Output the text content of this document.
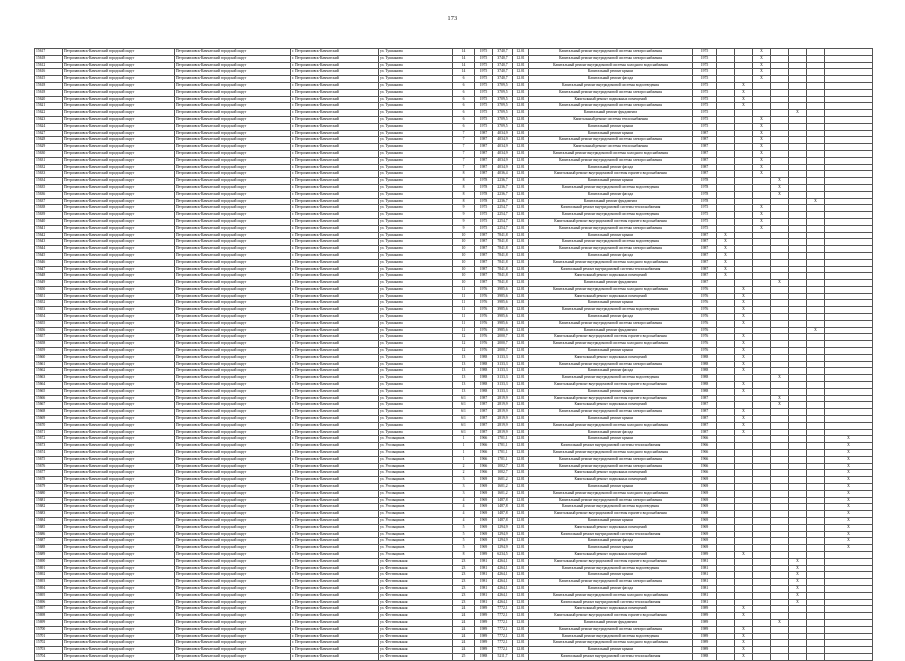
173
15617	Петропавловск-Камчатский городской округ	Петропавловск-Камчатский городской округ	г. Петропавловск-Камчатский	ул. Тушканова	14	1975	3740,7	12.01	Капитальный ремонт внутридомовой системы электроснабжения	1975			X					
15618	Петропавловск-Камчатский городской округ	Петропавловск-Камчатский городской округ	г. Петропавловск-Камчатский	ул. Тушканова	14	1975	3740,7	12.01	Капитальный ремонт внутридомовой системы электроснабжения	1975			X					
15612	Петропавловск-Камчатский городской округ	Петропавловск-Камчатский городской округ	г. Петропавловск-Камчатский	ул. Тушканова	14	1975	3740,7	12.01	Капитальный ремонт внутридомовой системы холодного водоснабжения	1975			X					
15616	Петропавловск-Камчатский городской округ	Петропавловск-Камчатский городской округ	г. Петропавловск-Камчатский	ул. Тушканова	14	1975	3740,7	12.01	Капитальный ремонт крыши	1975			X					
15615	Петропавловск-Камчатский городской округ	Петропавловск-Камчатский городской округ	г. Петропавловск-Камчатский	ул. Тушканова	6	1975	3740,7	12.01	Капитальный ремонт фасада	1975			X					
15618	Петропавловск-Камчатский городской округ	Петропавловск-Камчатский городской округ	г. Петропавловск-Камчатский	ул. Тушканова	6	1975	3709,5	12.01	Капитальный ремонт внутридомовой системы водоотведения	1975		X						
15618	Петропавловск-Камчатский городской округ	Петропавловск-Камчатский городской округ	г. Петропавловск-Камчатский	ул. Тушканова	6	1975	3709,5	12.01	Капитальный ремонт внутридомовой системы электроснабжения	1975		X						
15620	Петропавловск-Камчатский городской округ	Петропавловск-Камчатский городской округ	г. Петропавловск-Камчатский	ул. Тушканова	6	1975	3709,5	12.01	Капитальный ремонт подвальных помещений	1975		X						
15621	Петропавловск-Камчатский городской округ	Петропавловск-Камчатский городской округ	г. Петропавловск-Камчатский	ул. Тушканова	6	1975	3709,5	12.01	Капитальный ремонт внутридомовой системы электроснабжения	1975		X						
15622	Петропавловск-Камчатский городской округ	Петропавловск-Камчатский городской округ	г. Петропавловск-Камчатский	ул. Тушканова	6	1975	3709,5	12.01	Капитальный ремонт фундамента	1975					X			
15623	Петропавловск-Камчатский городской округ	Петропавловск-Камчатский городской округ	г. Петропавловск-Камчатский	ул. Тушканова	6	1975	3709,5	12.01	Капитальный ремонт системы теплоснабжения	1975			X					
15624	Петропавловск-Камчатский городской округ	Петропавловск-Камчатский городской округ	г. Петропавловск-Камчатский	ул. Тушканова	6	1975	3709,5	12.01	Капитальный ремонт крыши	1975			X					
15627	Петропавловск-Камчатский городской округ	Петропавловск-Камчатский городской округ	г. Петропавловск-Камчатский	ул. Тушканова	7	1987	4034,9	12.01	Капитальный ремонт крыши	1987			X					
15628	Петропавловск-Камчатский городской округ	Петропавловск-Камчатский городской округ	г. Петропавловск-Камчатский	ул. Тушканова	7	1987	4034,9	12.01	Капитальный ремонт внутридомовой системы электроснабжения	1987			X					
15629	Петропавловск-Камчатский городской округ	Петропавловск-Камчатский городской округ	г. Петропавловск-Камчатский	ул. Тушканова	7	1987	4034,9	12.01	Капитальный ремонт системы теплоснабжения	1987			X					
15630	Петропавловск-Камчатский городской округ	Петропавловск-Камчатский городской округ	г. Петропавловск-Камчатский	ул. Тушканова	7	1987	4034,9	12.01	Капитальный ремонт внутридомовой системы холодного водоснабжения	1987			X					
15631	Петропавловск-Камчатский городской округ	Петропавловск-Камчатский городской округ	г. Петропавловск-Камчатский	ул. Тушканова	7	1987	4034,9	12.01	Капитальный ремонт внутридомовой системы электроснабжения	1987			X					
15632	Петропавловск-Камчатский городской округ	Петропавловск-Камчатский городской округ	г. Петропавловск-Камчатский	ул. Тушканова	7	1987	4034,9	12.01	Капитальный ремонт фасада	1987			X					
15633	Петропавловск-Камчатский городской округ	Петропавловск-Камчатский городской округ	г. Петропавловск-Камчатский	ул. Тушканова	8	1987	4036,4	12.01	Капитальный ремонт внутридомовой системы горячего водоснабжения	1987			X					
15634	Петропавловск-Камчатский городской округ	Петропавловск-Камчатский городской округ	г. Петропавловск-Камчатский	ул. Тушканова	8	1978	2236,7	12.01	Капитальный ремонт крыши	1978				X				
15635	Петропавловск-Камчатский городской округ	Петропавловск-Камчатский городской округ	г. Петропавловск-Камчатский	ул. Тушканова	8	1978	2236,7	12.01	Капитальный ремонт внутридомовой системы водоотведения	1978				X				
15636	Петропавловск-Камчатский городской округ	Петропавловск-Камчатский городской округ	г. Петропавловск-Камчатский	ул. Тушканова	8	1978	2236,7	12.01	Капитальный ремонт фасада	1978				X				
15637	Петропавловск-Камчатский городской округ	Петропавловск-Камчатский городской округ	г. Петропавловск-Камчатский	ул. Тушканова	8	1978	2236,7	12.01	Капитальный ремонт фундамента	1978						X		
15638	Петропавловск-Камчатский городской округ	Петропавловск-Камчатский городской округ	г. Петропавловск-Камчатский	ул. Тушканова	9	1975	2254,7	12.01	Капитальный ремонт внутридомовой системы теплоснабжения	1975			X					
15639	Петропавловск-Камчатский городской округ	Петропавловск-Камчатский городской округ	г. Петропавловск-Камчатский	ул. Тушканова	9	1975	2254,7	12.01	Капитальный ремонт внутридомовой системы водоотведения	1975			X					
15640	Петропавловск-Камчатский городской округ	Петропавловск-Камчатский городской округ	г. Петропавловск-Камчатский	ул. Тушканова	9	1975	2254,7	12.01	Капитальный ремонт внутридомовой системы горячего водоснабжения	1975			X					
15641	Петропавловск-Камчатский городской округ	Петропавловск-Камчатский городской округ	г. Петропавловск-Камчатский	ул. Тушканова	9	1975	2254,7	12.01	Капитальный ремонт внутридомовой системы электроснабжения	1975			X					
15642	Петропавловск-Камчатский городской округ	Петропавловск-Камчатский городской округ	г. Петропавловск-Камчатский	ул. Тушканова	10	1987	7841,8	12.01	Капитальный ремонт крыши	1987	X							
15643	Петропавловск-Камчатский городской округ	Петропавловск-Камчатский городской округ	г. Петропавловск-Камчатский	ул. Тушканова	10	1987	7841,8	12.01	Капитальный ремонт внутридомовой системы водоотведения	1987	X							
15644	Петропавловск-Камчатский городской округ	Петропавловск-Камчатский городской округ	г. Петропавловск-Камчатский	ул. Тушканова	10	1987	7841,8	12.01	Капитальный ремонт внутридомовой системы электроснабжения	1987	X							
15645	Петропавловск-Камчатский городской округ	Петропавловск-Камчатский городской округ	г. Петропавловск-Камчатский	ул. Тушканова	10	1987	7841,8	12.01	Капитальный ремонт фасада	1987	X							
15646	Петропавловск-Камчатский городской округ	Петропавловск-Камчатский городской округ	г. Петропавловск-Камчатский	ул. Тушканова	10	1987	7841,8	12.01	Капитальный ремонт внутридомовой системы холодного водоснабжения	1987	X							
15647	Петропавловск-Камчатский городской округ	Петропавловск-Камчатский городской округ	г. Петропавловск-Камчатский	ул. Тушканова	10	1987	7841,8	12.01	Капитальный ремонт внутридомовой системы теплоснабжения	1987	X							
15648	Петропавловск-Камчатский городской округ	Петропавловск-Камчатский городской округ	г. Петропавловск-Камчатский	ул. Тушканова	10	1987	7841,8	12.01	Капитальный ремонт подвальных помещений	1987	X							
15649	Петропавловск-Камчатский городской округ	Петропавловск-Камчатский городской округ	г. Петропавловск-Камчатский	ул. Тушканова	10	1987	7841,8	12.01	Капитальный ремонт фундамента	1987				X				
15650	Петропавловск-Камчатский городской округ	Петропавловск-Камчатский городской округ	г. Петропавловск-Камчатский	ул. Тушканова	11	1976	3985,6	12.01	Капитальный ремонт внутридомовой системы холодного водоснабжения	1976		X						
15651	Петропавловск-Камчатский городской округ	Петропавловск-Камчатский городской округ	г. Петропавловск-Камчатский	ул. Тушканова	11	1976	3985,6	12.01	Капитальный ремонт подвальных помещений	1976		X						
15652	Петропавловск-Камчатский городской округ	Петропавловск-Камчатский городской округ	г. Петропавловск-Камчатский	ул. Тушканова	11	1976	3985,6	12.01	Капитальный ремонт крыши	1976		X						
15653	Петропавловск-Камчатский городской округ	Петропавловск-Камчатский городской округ	г. Петропавловск-Камчатский	ул. Тушканова	11	1976	3985,6	12.01	Капитальный ремонт внутридомовой системы водоотведения	1976		X						
15654	Петропавловск-Камчатский городской округ	Петропавловск-Камчатский городской округ	г. Петропавловск-Камчатский	ул. Тушканова	11	1976	3985,6	12.01	Капитальный ремонт фасада	1976		X						
15655	Петропавловск-Камчатский городской округ	Петропавловск-Камчатский городской округ	г. Петропавловск-Камчатский	ул. Тушканова	11	1976	3985,6	12.01	Капитальный ремонт внутридомовой системы электроснабжения	1976		X						
15656	Петропавловск-Камчатский городской округ	Петропавловск-Камчатский городской округ	г. Петропавловск-Камчатский	ул. Тушканова	11	1976	3985,6	12.01	Капитальный ремонт фундамента	1976						X		
15657	Петропавловск-Камчатский городской округ	Петропавловск-Камчатский городской округ	г. Петропавловск-Камчатский	ул. Тушканова	12	1976	2000,7	12.01	Капитальный ремонт внутридомовой системы горячего водоснабжения	1976		X						
15658	Петропавловск-Камчатский городской округ	Петропавловск-Камчатский городской округ	г. Петропавловск-Камчатский	ул. Тушканова	12	1976	2000,7	12.01	Капитальный ремонт внутридомовой системы холодного водоснабжения	1976		X						
15659	Петропавловск-Камчатский городской округ	Петропавловск-Камчатский городской округ	г. Петропавловск-Камчатский	ул. Тушканова	12	1976	2000,7	12.01	Капитальный ремонт крыши	1976		X						
15660	Петропавловск-Камчатский городской округ	Петропавловск-Камчатский городской округ	г. Петропавловск-Камчатский	ул. Тушканова	13	1988	3133,3	12.01	Капитальный ремонт подвальных помещений	1988		X						
15661	Петропавловск-Камчатский городской округ	Петропавловск-Камчатский городской округ	г. Петропавловск-Камчатский	ул. Тушканова	13	1988	3133,3	12.01	Капитальный ремонт внутридомовой системы электроснабжения	1988		X						
15662	Петропавловск-Камчатский городской округ	Петропавловск-Камчатский городской округ	г. Петропавловск-Камчатский	ул. Тушканова	13	1988	3133,3	12.01	Капитальный ремонт фасада	1988		X						
15663	Петропавловск-Камчатский городской округ	Петропавловск-Камчатский городской округ	г. Петропавловск-Камчатский	ул. Тушканова	13	1988	3133,3	12.01	Капитальный ремонт внутридомовой системы водоотведения	1988				X				
15664	Петропавловск-Камчатский городской округ	Петропавловск-Камчатский городской округ	г. Петропавловск-Камчатский	ул. Тушканова	13	1988	3133,3	12.01	Капитальный ремонт внутридомовой системы горячего водоснабжения	1988		X						
15665	Петропавловск-Камчатский городской округ	Петропавловск-Камчатский городской округ	г. Петропавловск-Камчатский	ул. Тушканова	13	1988	3133,3	12.01	Капитальный ремонт крыши	1988		X						
15666	Петропавловск-Камчатский городской округ	Петропавловск-Камчатский городской округ	г. Петропавловск-Камчатский	ул. Тушканова	6/1	1987	2819,9	12.01	Капитальный ремонт внутридомовой системы горячего водоснабжения	1987				X				
15667	Петропавловск-Камчатский городской округ	Петропавловск-Камчатский городской округ	г. Петропавловск-Камчатский	ул. Тушканова	6/1	1987	2819,9	12.01	Капитальный ремонт подвальных помещений	1987				X				
15668	Петропавловск-Камчатский городской округ	Петропавловск-Камчатский городской округ	г. Петропавловск-Камчатский	ул. Тушканова	6/1	1987	2819,9	12.01	Капитальный ремонт внутридомовой системы электроснабжения	1987		X						
15669	Петропавловск-Камчатский городской округ	Петропавловск-Камчатский городской округ	г. Петропавловск-Камчатский	ул. Тушканова	6/1	1987	2819,9	12.01	Капитальный ремонт крыши	1987		X						
15670	Петропавловск-Камчатский городской округ	Петропавловск-Камчатский городской округ	г. Петропавловск-Камчатский	ул. Тушканова	6/1	1987	2819,9	12.01	Капитальный ремонт внутридомовой системы холодного водоснабжения	1987		X						
15671	Петропавловск-Камчатский городской округ	Петропавловск-Камчатский городской округ	г. Петропавловск-Камчатский	ул. Тушканова	6/1	1987	2819,9	12.01	Капитальный ремонт фасада	1987		X						
15672	Петропавловск-Камчатский городской округ	Петропавловск-Камчатский городской округ	г. Петропавловск-Камчатский	ул. Угольщиков	1	1966	1701,1	12.01	Капитальный ремонт крыши	1966							X	
15673	Петропавловск-Камчатский городской округ	Петропавловск-Камчатский городской округ	г. Петропавловск-Камчатский	ул. Угольщиков	1	1966	1701,1	12.01	Капитальный ремонт внутридомовой системы теплоснабжения	1966							X	
15674	Петропавловск-Камчатский городской округ	Петропавловск-Камчатский городской округ	г. Петропавловск-Камчатский	ул. Угольщиков	1	1966	1701,1	12.01	Капитальный ремонт внутридомовой системы холодного водоснабжения	1966							X	
15675	Петропавловск-Камчатский городской округ	Петропавловск-Камчатский городской округ	г. Петропавловск-Камчатский	ул. Угольщиков	1	1966	1701,1	12.01	Капитальный ремонт внутридомовой системы электроснабжения	1966							X	
15676	Петропавловск-Камчатский городской округ	Петропавловск-Камчатский городской округ	г. Петропавловск-Камчатский	ул. Угольщиков	2	1966	1002,7	12.01	Капитальный ремонт внутридомовой системы электроснабжения	1966							X	
15677	Петропавловск-Камчатский городской округ	Петропавловск-Камчатский городской округ	г. Петропавловск-Камчатский	ул. Угольщиков	2	1966	1002,7	12.01	Капитальный ремонт подвальных помещений	1966							X	
15678	Петропавловск-Камчатский городской округ	Петропавловск-Камчатский городской округ	г. Петропавловск-Камчатский	ул. Угольщиков	3	1969	1601,2	12.01	Капитальный ремонт подвальных помещений	1969							X	
15679	Петропавловск-Камчатский городской округ	Петропавловск-Камчатский городской округ	г. Петропавловск-Камчатский	ул. Угольщиков	3	1969	1601,2	12.01	Капитальный ремонт крыши	1969							X	
15680	Петропавловск-Камчатский городской округ	Петропавловск-Камчатский городской округ	г. Петропавловск-Камчатский	ул. Угольщиков	3	1969	1601,2	12.01	Капитальный ремонт внутридомовой системы холодного водоснабжения	1969							X	
15681	Петропавловск-Камчатский городской округ	Петропавловск-Камчатский городской округ	г. Петропавловск-Камчатский	ул. Угольщиков	4	1969	1487,8	12.01	Капитальный ремонт внутридомовой системы электроснабжения	1969							X	
15682	Петропавловск-Камчатский городской округ	Петропавловск-Камчатский городской округ	г. Петропавловск-Камчатский	ул. Угольщиков	4	1969	1487,8	12.01	Капитальный ремонт внутридомовой системы водоотведения	1969							X	
15683	Петропавловск-Камчатский городской округ	Петропавловск-Камчатский городской округ	г. Петропавловск-Камчатский	ул. Угольщиков	4	1969	1487,8	12.01	Капитальный ремонт внутридомовой системы горячего водоснабжения	1969							X	
15684	Петропавловск-Камчатский городской округ	Петропавловск-Камчатский городской округ	г. Петропавловск-Камчатский	ул. Угольщиков	4	1969	1487,8	12.01	Капитальный ремонт крыши	1969							X	
15685	Петропавловск-Камчатский городской округ	Петропавловск-Камчатский городской округ	г. Петропавловск-Камчатский	ул. Угольщиков	5	1969	1294,9	12.01	Капитальный ремонт подвальных помещений	1969							X	
15686	Петропавловск-Камчатский городской округ	Петропавловск-Камчатский городской округ	г. Петропавловск-Камчатский	ул. Угольщиков	5	1969	1294,9	12.01	Капитальный ремонт внутридомовой системы теплоснабжения	1969							X	
15687	Петропавловск-Камчатский городской округ	Петропавловск-Камчатский городской округ	г. Петропавловск-Камчатский	ул. Угольщиков	5	1969	1294,9	12.01	Капитальный ремонт фасада	1969							X	
15688	Петропавловск-Камчатский городской округ	Петропавловск-Камчатский городской округ	г. Петропавловск-Камчатский	ул. Угольщиков	5	1969	1294,9	12.01	Капитальный ремонт крыши	1969							X	
15689	Петропавловск-Камчатский городской округ	Петропавловск-Камчатский городской округ	г. Петропавловск-Камчатский	ул. Угольщиков	8	1989	6234,5	12.01	Капитальный ремонт подвальных помещений	1989		X						
15690	Петропавловск-Камчатский городской округ	Петропавловск-Камчатский городской округ	г. Петропавловск-Камчатский	ул. Фестивальная	23	1981	4264,1	12.01	Капитальный ремонт внутридомовой системы горячего водоснабжения	1981					X			
15691	Петропавловск-Камчатский городской округ	Петропавловск-Камчатский городской округ	г. Петропавловск-Камчатский	ул. Фестивальная	23	1981	4264,1	12.01	Капитальный ремонт внутридомовой системы водоотведения	1981					X			
15692	Петропавловск-Камчатский городской округ	Петропавловск-Камчатский городской округ	г. Петропавловск-Камчатский	ул. Фестивальная	23	1981	4264,1	12.01	Капитальный ремонт крыши	1981					X			
15693	Петропавловск-Камчатский городской округ	Петропавловск-Камчатский городской округ	г. Петропавловск-Камчатский	ул. Фестивальная	23	1981	4264,1	12.01	Капитальный ремонт внутридомовой системы электроснабжения	1981					X			
15694	Петропавловск-Камчатский городской округ	Петропавловск-Камчатский городской округ	г. Петропавловск-Камчатский	ул. Фестивальная	23	1981	4264,1	12.01	Капитальный ремонт фасада	1981					X			
15695	Петропавловск-Камчатский городской округ	Петропавловск-Камчатский городской округ	г. Петропавловск-Камчатский	ул. Фестивальная	23	1981	4264,1	12.01	Капитальный ремонт внутридомовой системы холодного водоснабжения	1981					X			
15696	Петропавловск-Камчатский городской округ	Петропавловск-Камчатский городской округ	г. Петропавловск-Камчатский	ул. Фестивальная	23	1981	4264,1	12.01	Капитальный ремонт внутридомовой системы теплоснабжения	1981					X			
15697	Петропавловск-Камчатский городской округ	Петропавловск-Камчатский городской округ	г. Петропавловск-Камчатский	ул. Фестивальная	24	1989	7772,1	12.01	Капитальный ремонт подвальных помещений	1989		X						
15698	Петропавловск-Камчатский городской округ	Петропавловск-Камчатский городской округ	г. Петропавловск-Камчатский	ул. Фестивальная	24	1989	7772,1	12.01	Капитальный ремонт внутридомовой системы горячего водоснабжения	1989		X						
15699	Петропавловск-Камчатский городской округ	Петропавловск-Камчатский городской округ	г. Петропавловск-Камчатский	ул. Фестивальная	24	1989	7772,1	12.01	Капитальный ремонт фундамента	1989				X				
15700	Петропавловск-Камчатский городской округ	Петропавловск-Камчатский городской округ	г. Петропавловск-Камчатский	ул. Фестивальная	24	1989	7772,1	12.01	Капитальный ремонт внутридомовой системы электроснабжения	1989		X						
15701	Петропавловск-Камчатский городской округ	Петропавловск-Камчатский городской округ	г. Петропавловск-Камчатский	ул. Фестивальная	24	1989	7772,1	12.01	Капитальный ремонт внутридомовой системы водоотведения	1989		X						
15702	Петропавловск-Камчатский городской округ	Петропавловск-Камчатский городской округ	г. Петропавловск-Камчатский	ул. Фестивальная	24	1989	7772,1	12.01	Капитальный ремонт внутридомовой системы холодного водоснабжения	1989		X						
15703	Петропавловск-Камчатский городской округ	Петропавловск-Камчатский городской округ	г. Петропавловск-Камчатский	ул. Фестивальная	24	1989	7772,1	12.01	Капитальный ремонт крыши	1989		X						
15704	Петропавловск-Камчатский городской округ	Петропавловск-Камчатский городской округ	г. Петропавловск-Камчатский	ул. Фестивальная	25	1988	5211,7	12.01	Капитальный ремонт внутридомовой системы теплоснабжения	1988		X						
